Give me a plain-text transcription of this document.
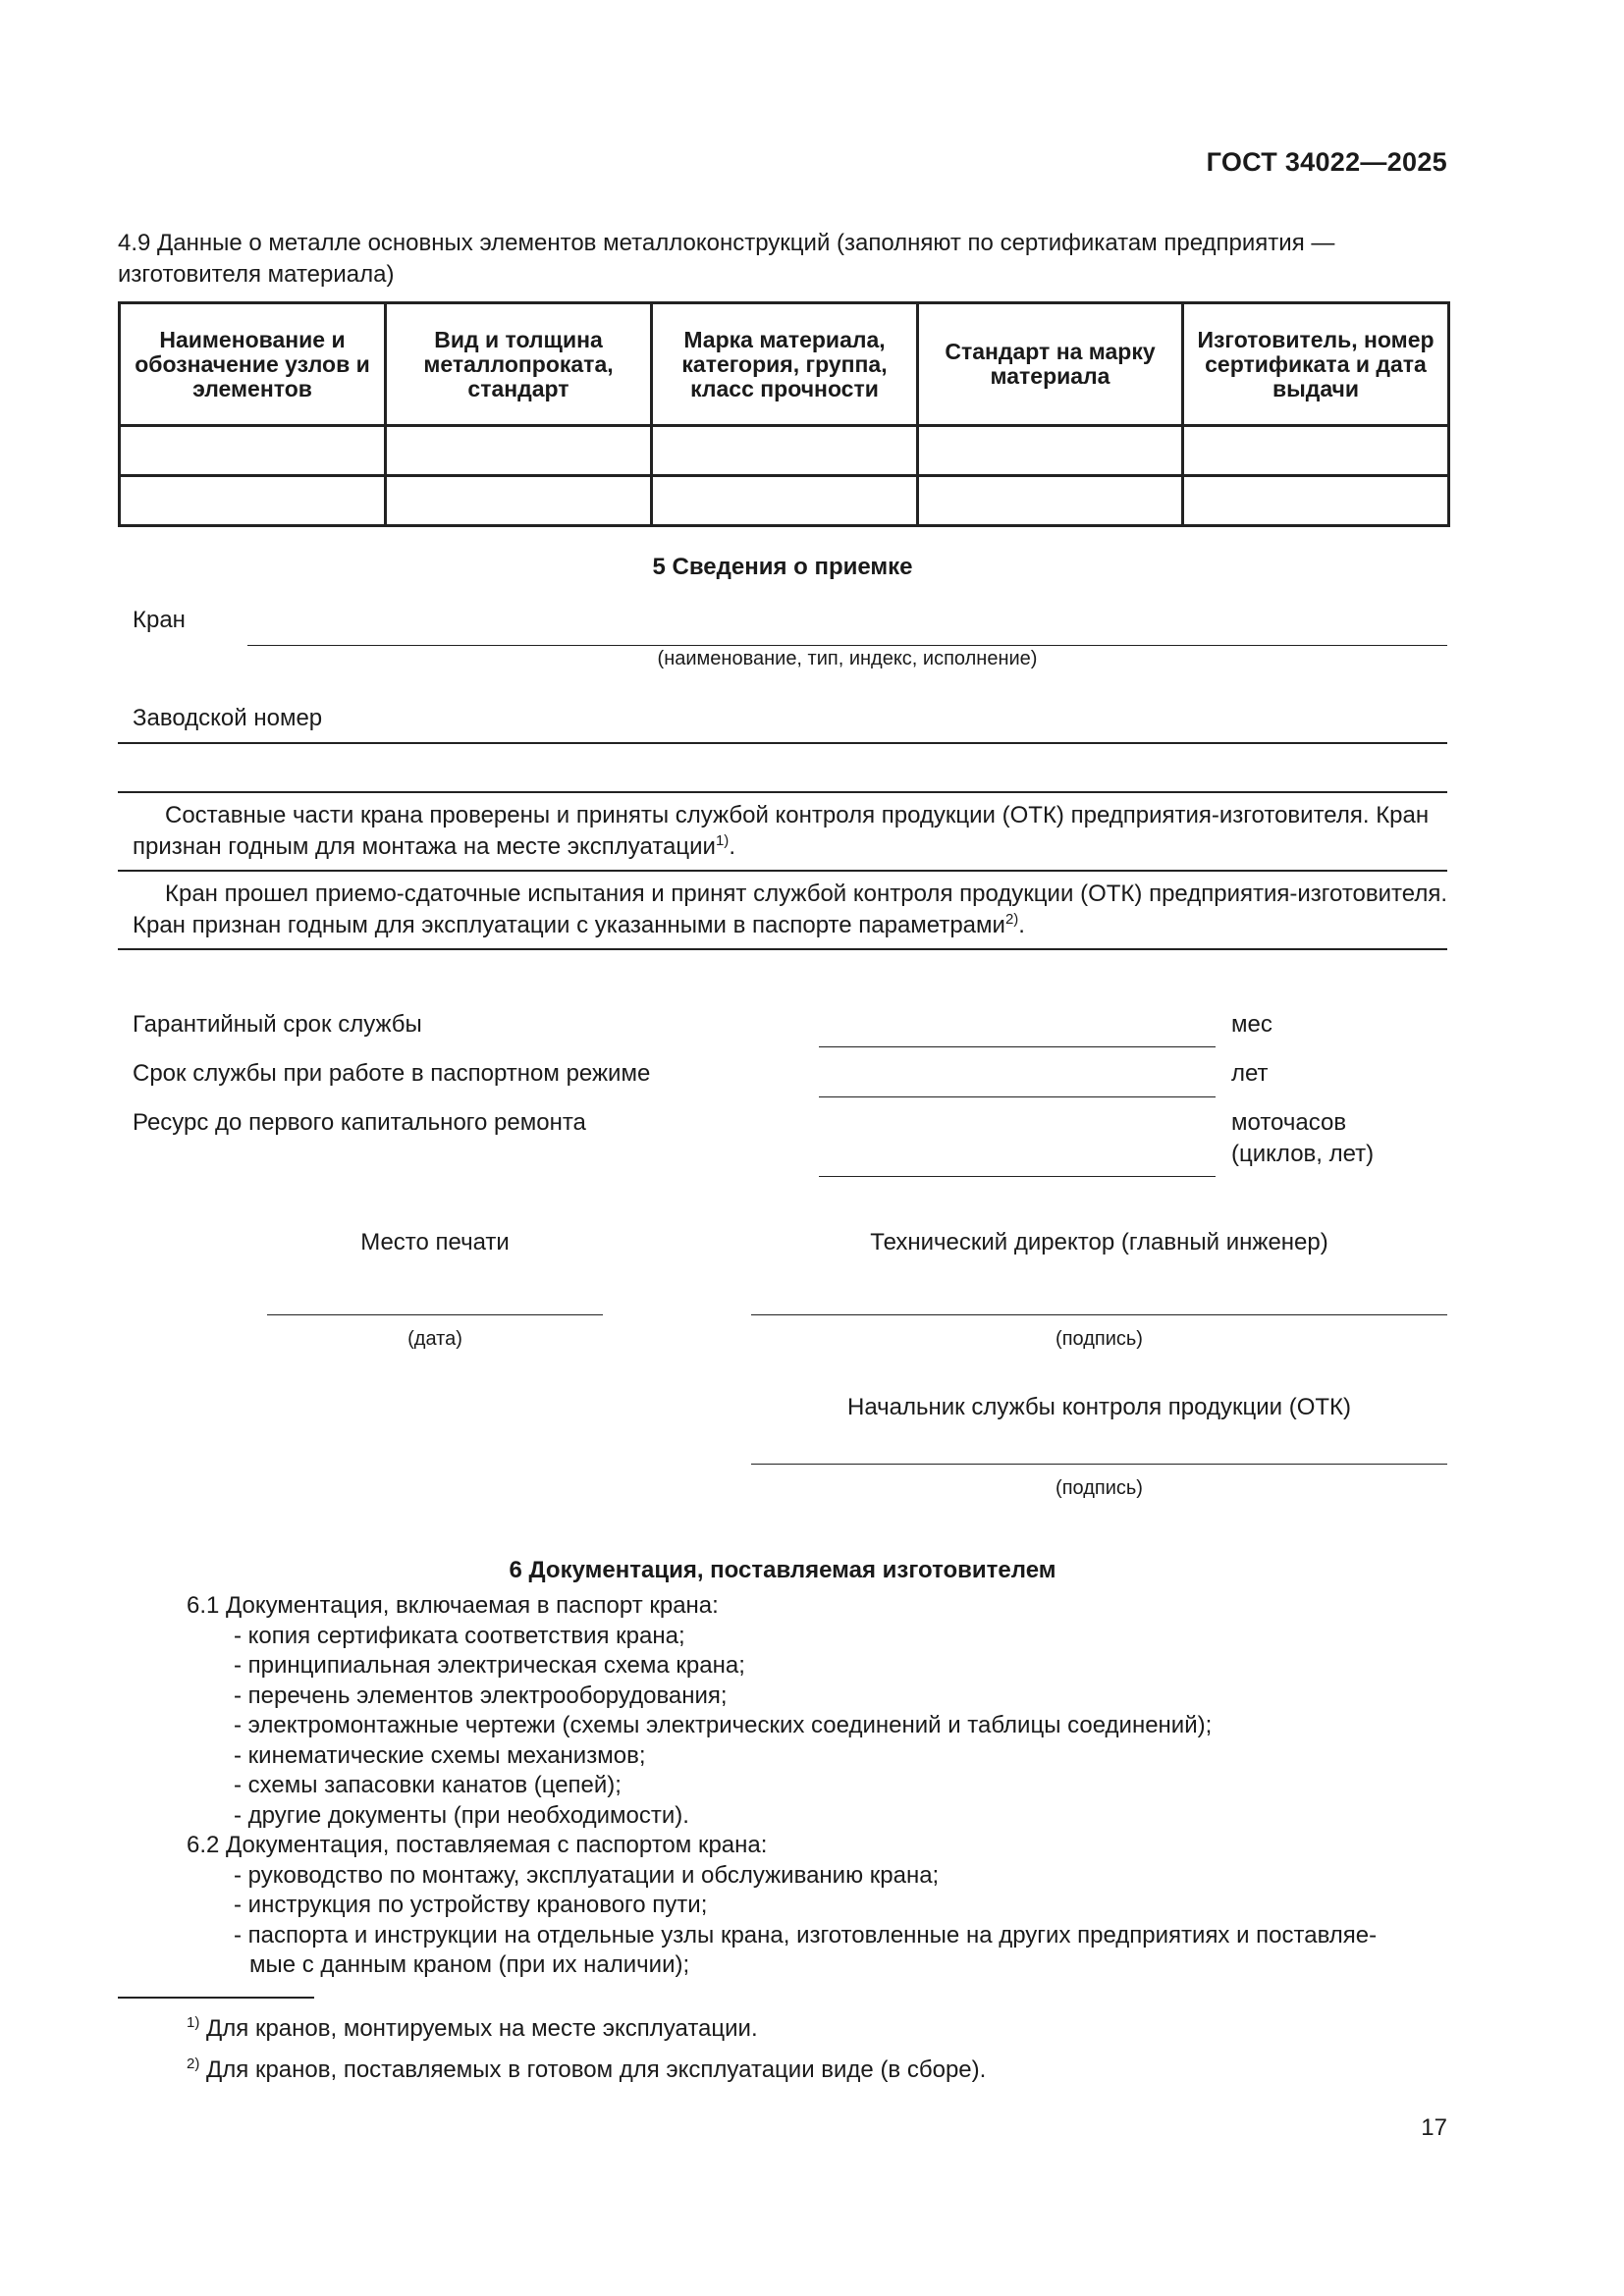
ГОСТ 34022—2025
4.9 Данные о металле основных элементов металлоконструкций (заполняют по сертификатам предприятия — изготовителя материала)
Наименование и обозначение узлов и элементов	Вид и толщина металлопроката, стандарт	Марка материала, категория, группа, класс прочности	Стандарт на марку материала	Изготовитель, номер сертификата и дата выдачи

5 Сведения о приемке
Кран
(наименование, тип, индекс, исполнение)
Заводской номер
Составные части крана проверены и приняты службой контроля продукции (ОТК) предприятия-изготовителя. Кран признан годным для монтажа на месте эксплуатации$^{1)}$.
Кран прошел приемо-сдаточные испытания и принят службой контроля продукции (ОТК) предприятия-изготовителя. Кран признан годным для эксплуатации с указанными в паспорте параметрами$^{2)}$.
Гарантийный срок службы	мес
Срок службы при работе в паспортном режиме	лет
Ресурс до первого капитального ремонта	моточасов (циклов, лет)
Место печати	Технический директор (главный инженер)
(дата)	(подпись)
Начальник службы контроля продукции (ОТК)
(подпись)
6 Документация, поставляемая изготовителем
6.1 Документация, включаемая в паспорт крана:
- копия сертификата соответствия крана;
- принципиальная электрическая схема крана;
- перечень элементов электрооборудования;
- электромонтажные чертежи (схемы электрических соединений и таблицы соединений);
- кинематические схемы механизмов;
- схемы запасовки канатов (цепей);
- другие документы (при необходимости).
6.2 Документация, поставляемая с паспортом крана:
- руководство по монтажу, эксплуатации и обслуживанию крана;
- инструкция по устройству кранового пути;
- паспорта и инструкции на отдельные узлы крана, изготовленные на других предприятиях и поставляе-
мые с данным краном (при их наличии);
$^{1)}$ Для кранов, монтируемых на месте эксплуатации.
$^{2)}$ Для кранов, поставляемых в готовом для эксплуатации виде (в сборе).
17
